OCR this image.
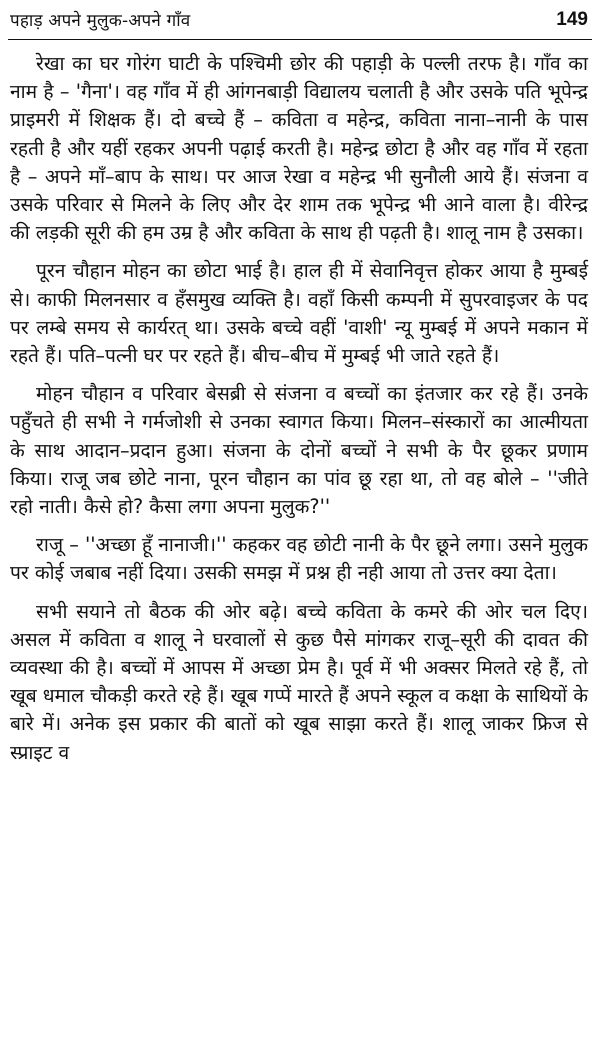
पहाड़ अपने मुलुक-अपने गाँव	149

रेखा का घर गोरंग घाटी के पश्चिमी छोर की पहाड़ी के पल्ली तरफ है। गाँव का नाम है – 'गैना'। वह गाँव में ही आंगनबाड़ी विद्यालय चलाती है और उसके पति भूपेन्द्र प्राइमरी में शिक्षक हैं। दो बच्चे हैं – कविता व महेन्द्र, कविता नाना–नानी के पास रहती है और यहीं रहकर अपनी पढ़ाई करती है। महेन्द्र छोटा है और वह गाँव में रहता है – अपने माँ–बाप के साथ। पर आज रेखा व महेन्द्र भी सुनौली आये हैं। संजना व उसके परिवार से मिलने के लिए और देर शाम तक भूपेन्द्र भी आने वाला है। वीरेन्द्र की लड़की सूरी की हम उम्र है और कविता के साथ ही पढ़ती है। शालू नाम है उसका।

पूरन चौहान मोहन का छोटा भाई है। हाल ही में सेवानिवृत्त होकर आया है मुम्बई से। काफी मिलनसार व हँसमुख व्यक्ति है। वहाँ किसी कम्पनी में सुपरवाइजर के पद पर लम्बे समय से कार्यरत् था। उसके बच्चे वहीं 'वाशी' न्यू मुम्बई में अपने मकान में रहते हैं। पति–पत्नी घर पर रहते हैं। बीच–बीच में मुम्बई भी जाते रहते हैं।

मोहन चौहान व परिवार बेसब्री से संजना व बच्चों का इंतजार कर रहे हैं। उनके पहुँचते ही सभी ने गर्मजोशी से उनका स्वागत किया। मिलन–संस्कारों का आत्मीयता के साथ आदान–प्रदान हुआ। संजना के दोनों बच्चों ने सभी के पैर छूकर प्रणाम किया। राजू जब छोटे नाना, पूरन चौहान का पांव छू रहा था, तो वह बोले – ''जीते रहो नाती। कैसे हो? कैसा लगा अपना मुलुक?''

राजू – ''अच्छा हूँ नानाजी।'' कहकर वह छोटी नानी के पैर छूने लगा। उसने मुलुक पर कोई जबाब नहीं दिया। उसकी समझ में प्रश्न ही नही आया तो उत्तर क्या देता।

सभी सयाने तो बैठक की ओर बढ़े। बच्चे कविता के कमरे की ओर चल दिए। असल में कविता व शालू ने घरवालों से कुछ पैसे मांगकर राजू–सूरी की दावत की व्यवस्था की है। बच्चों में आपस में अच्छा प्रेम है। पूर्व में भी अक्सर मिलते रहे हैं, तो खूब धमाल चौकड़ी करते रहे हैं। खूब गप्पें मारते हैं अपने स्कूल व कक्षा के साथियों के बारे में। अनेक इस प्रकार की बातों को खूब साझा करते हैं। शालू जाकर फ्रिज से स्प्राइट व
